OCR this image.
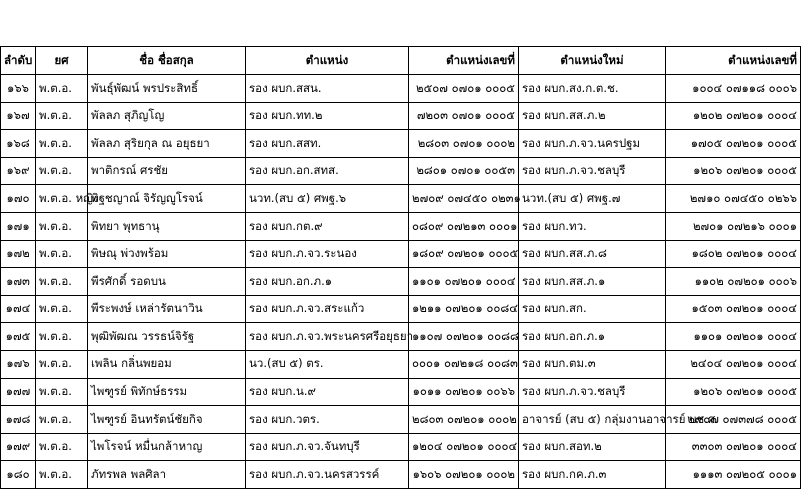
ลำดับ	ยศ	ชื่อ ชื่อสกุล	ตำแหน่ง	ตำแหน่งเลขที่	ตำแหน่งใหม่	ตำแหน่งเลขที่
๑๖๖	พ.ต.อ.	พันธุ์พัฒน์ พรประสิทธิ์	รอง ผบก.สสน.	๒๕๐๗ ๐๗๐๑ ๐๐๐๕	รอง ผบก.สง.ก.ต.ช.	๑๐๐๔ ๐๗๑๑๘ ๐๐๐๖
๑๖๗	พ.ต.อ.	พัลลภ สุภิญโญ	รอง ผบก.ทท.๒	๗๒๐๓ ๐๗๐๑ ๐๐๐๕	รอง ผบก.สส.ภ.๒	๑๒๐๒ ๐๗๒๐๑ ๐๐๐๔
๑๖๘	พ.ต.อ.	พัลลภ สุริยกุล ณ อยุธยา	รอง ผบก.สสท.	๒๘๐๓ ๐๗๐๑ ๐๐๐๒	รอง ผบก.ภ.จว.นครปฐม	๑๗๐๕ ๐๗๒๐๑ ๐๐๐๕
๑๖๙	พ.ต.อ.	พาติกรณ์ ศรชัย	รอง ผบก.อก.สทส.	๒๘๐๑ ๐๗๐๑ ๐๐๕๓	รอง ผบก.ภ.จว.ชลบุรี	๑๒๐๖ ๐๗๒๐๑ ๐๐๐๕
๑๗๐	พ.ต.อ. หญิง	พิฐชญาณ์ จิรัญญูโรจน์	นวท.(สบ ๕) ศพฐ.๖	๒๗๐๙ ๐๗๔๕๐ ๐๒๓๑	นวท.(สบ ๕) ศพฐ.๗	๒๗๑๐ ๐๗๔๕๐ ๐๒๖๖
๑๗๑	พ.ต.อ.	พิทยา พุทธานุ	รอง ผบก.กต.๙	๐๘๐๙ ๐๗๒๑๓ ๐๐๐๑	รอง ผบก.ทว.	๒๗๐๑ ๐๗๒๑๖ ๐๐๐๑
๑๗๒	พ.ต.อ.	พิษณุ พ่วงพร้อม	รอง ผบก.ภ.จว.ระนอง	๑๘๐๙ ๐๗๒๐๑ ๐๐๐๕	รอง ผบก.สส.ภ.๘	๑๘๐๒ ๐๗๒๐๑ ๐๐๐๔
๑๗๓	พ.ต.อ.	พีรศักดิ์ รอดบน	รอง ผบก.อก.ภ.๑	๑๑๐๑ ๐๗๒๐๑ ๐๐๐๔	รอง ผบก.สส.ภ.๑	๑๑๐๒ ๐๗๒๐๑ ๐๐๐๖
๑๗๔	พ.ต.อ.	พีระพงษ์ เหล่ารัตนาวิน	รอง ผบก.ภ.จว.สระแก้ว	๑๒๑๑ ๐๗๒๐๑ ๐๐๘๔	รอง ผบก.สก.	๑๕๐๓ ๐๗๒๐๑ ๐๐๐๔
๑๗๕	พ.ต.อ.	พุฒิพัฒณ วรรธน์จิรัฐ	รอง ผบก.ภ.จว.พระนครศรีอยุธยา	๑๑๐๗ ๐๗๒๐๑ ๐๐๘๘	รอง ผบก.อก.ภ.๑	๑๑๐๑ ๐๗๒๐๑ ๐๐๐๔
๑๗๖	พ.ต.อ.	เพลิน กลิ่นพยอม	นว.(สบ ๕) ตร.	๐๐๐๑ ๐๗๒๑๘ ๐๐๘๓	รอง ผบก.ตม.๓	๒๔๐๔ ๐๗๒๐๑ ๐๐๐๔
๑๗๗	พ.ต.อ.	ไพฑูรย์ พิทักษ์ธรรม	รอง ผบก.น.๙	๑๐๑๑ ๐๗๒๐๑ ๐๐๖๖	รอง ผบก.ภ.จว.ชลบุรี	๑๒๐๖ ๐๗๒๐๑ ๐๐๐๕
๑๗๘	พ.ต.อ.	ไพฑูรย์ อินทรัตน์ชัยกิจ	รอง ผบก.วตร.	๒๘๐๓ ๐๗๒๐๑ ๐๐๐๒	อาจารย์ (สบ ๕) กลุ่มงานอาจารย์ บช.ศ.	๒๙๐๗ ๐๗๓๗๘ ๐๐๐๕
๑๗๙	พ.ต.อ.	ไพโรจน์ หมื่นกล้าหาญ	รอง ผบก.ภ.จว.จันทบุรี	๑๒๐๔ ๐๗๒๐๑ ๐๐๐๔	รอง ผบก.สอท.๒	๓๓๐๓ ๐๗๒๐๑ ๐๐๐๔
๑๘๐	พ.ต.อ.	ภัทรพล พลศิลา	รอง ผบก.ภ.จว.นครสวรรค์	๑๖๐๖ ๐๗๒๐๑ ๐๐๐๒	รอง ผบก.กค.ภ.๓	๑๑๑๓ ๐๗๒๐๕ ๐๐๐๑
